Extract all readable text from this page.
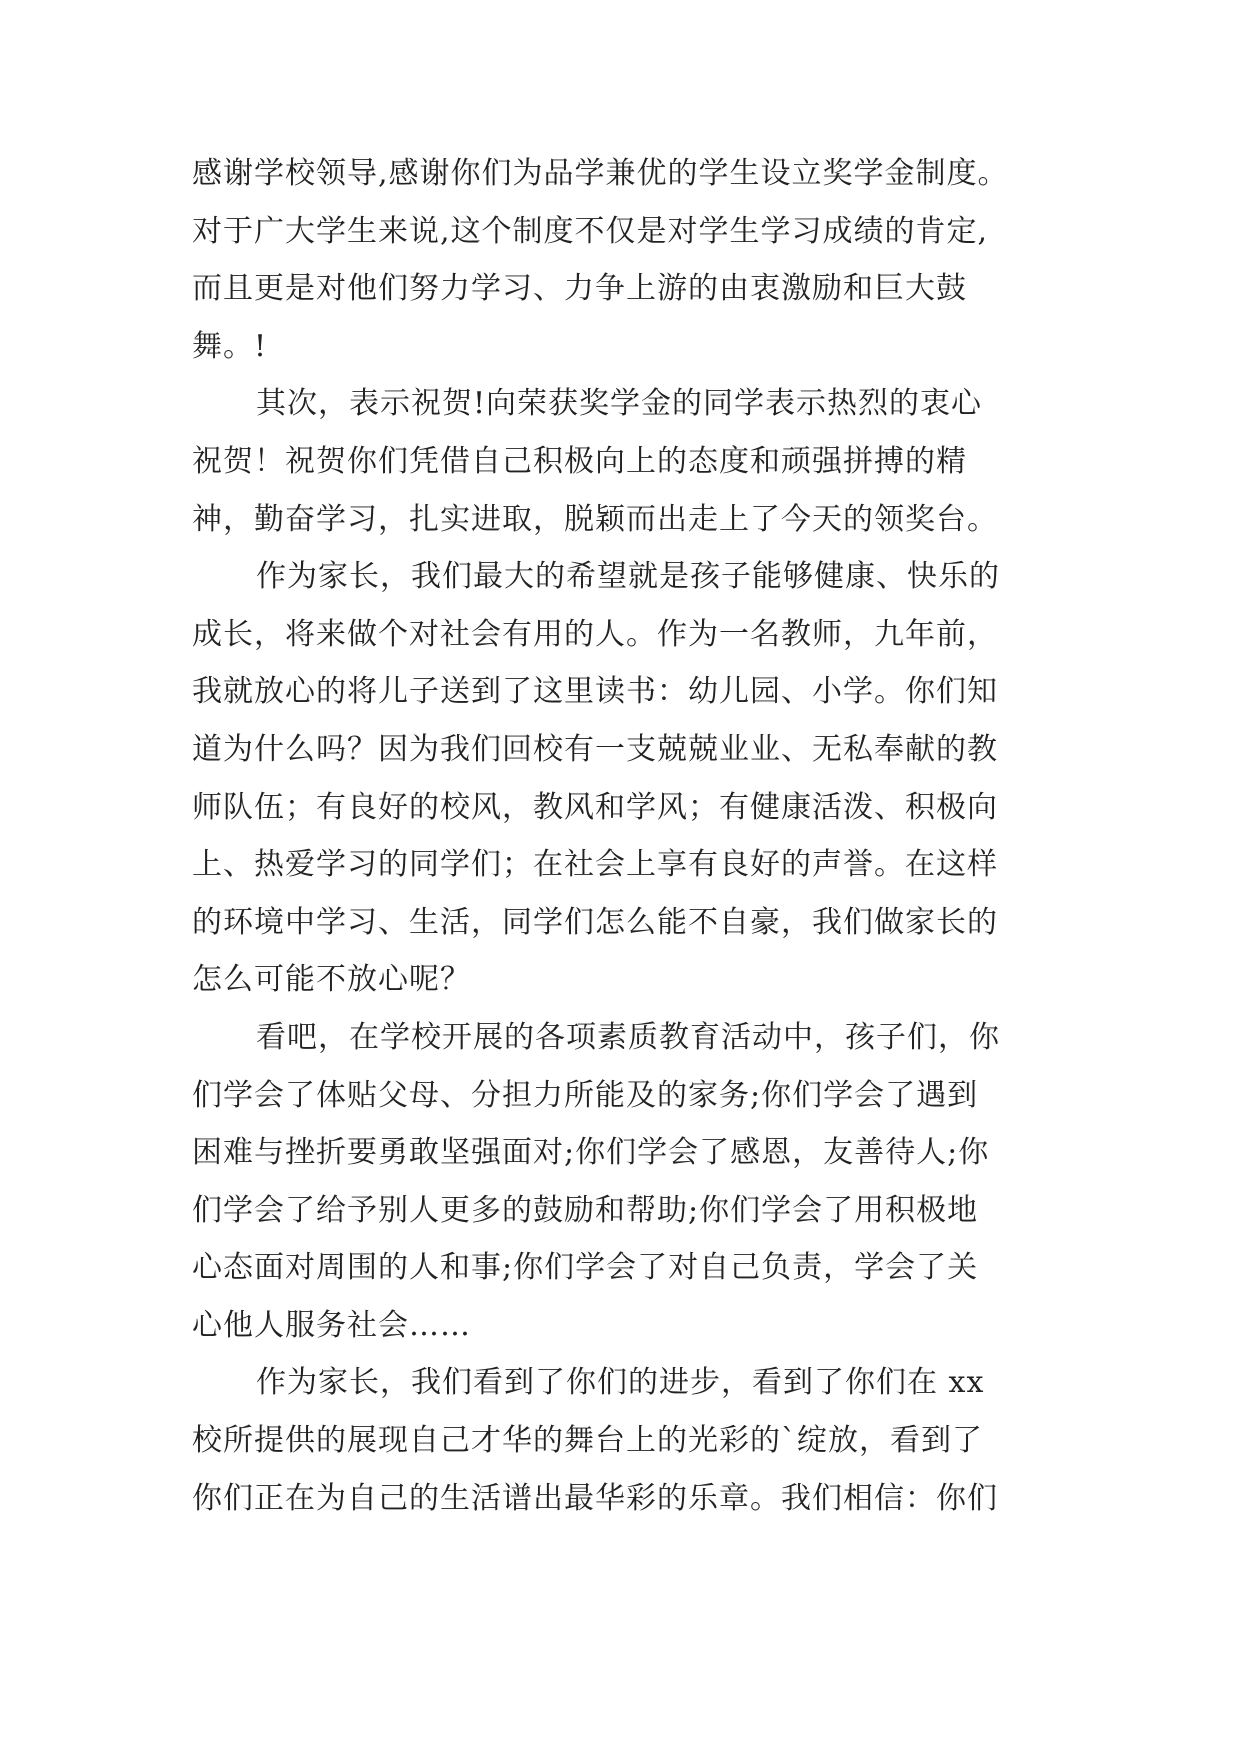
感谢学校领导,感谢你们为品学兼优的学生设立奖学金制度。
对于广大学生来说,这个制度不仅是对学生学习成绩的肯定,
而且更是对他们努力学习、力争上游的由衷激励和巨大鼓
舞。!
其次，表示祝贺!向荣获奖学金的同学表示热烈的衷心
祝贺！祝贺你们凭借自己积极向上的态度和顽强拼搏的精
神，勤奋学习，扎实进取，脱颖而出走上了今天的领奖台。
作为家长，我们最大的希望就是孩子能够健康、快乐的
成长，将来做个对社会有用的人。作为一名教师，九年前，
我就放心的将儿子送到了这里读书：幼儿园、小学。你们知
道为什么吗？因为我们回校有一支兢兢业业、无私奉献的教
师队伍；有良好的校风，教风和学风；有健康活泼、积极向
上、热爱学习的同学们；在社会上享有良好的声誉。在这样
的环境中学习、生活，同学们怎么能不自豪，我们做家长的
怎么可能不放心呢？
看吧，在学校开展的各项素质教育活动中，孩子们，你
们学会了体贴父母、分担力所能及的家务;你们学会了遇到
困难与挫折要勇敢坚强面对;你们学会了感恩，友善待人;你
们学会了给予别人更多的鼓励和帮助;你们学会了用积极地
心态面对周围的人和事;你们学会了对自己负责，学会了关
心他人服务社会……
作为家长，我们看到了你们的进步，看到了你们在 xx
校所提供的展现自己才华的舞台上的光彩的`绽放，看到了
你们正在为自己的生活谱出最华彩的乐章。我们相信：你们
